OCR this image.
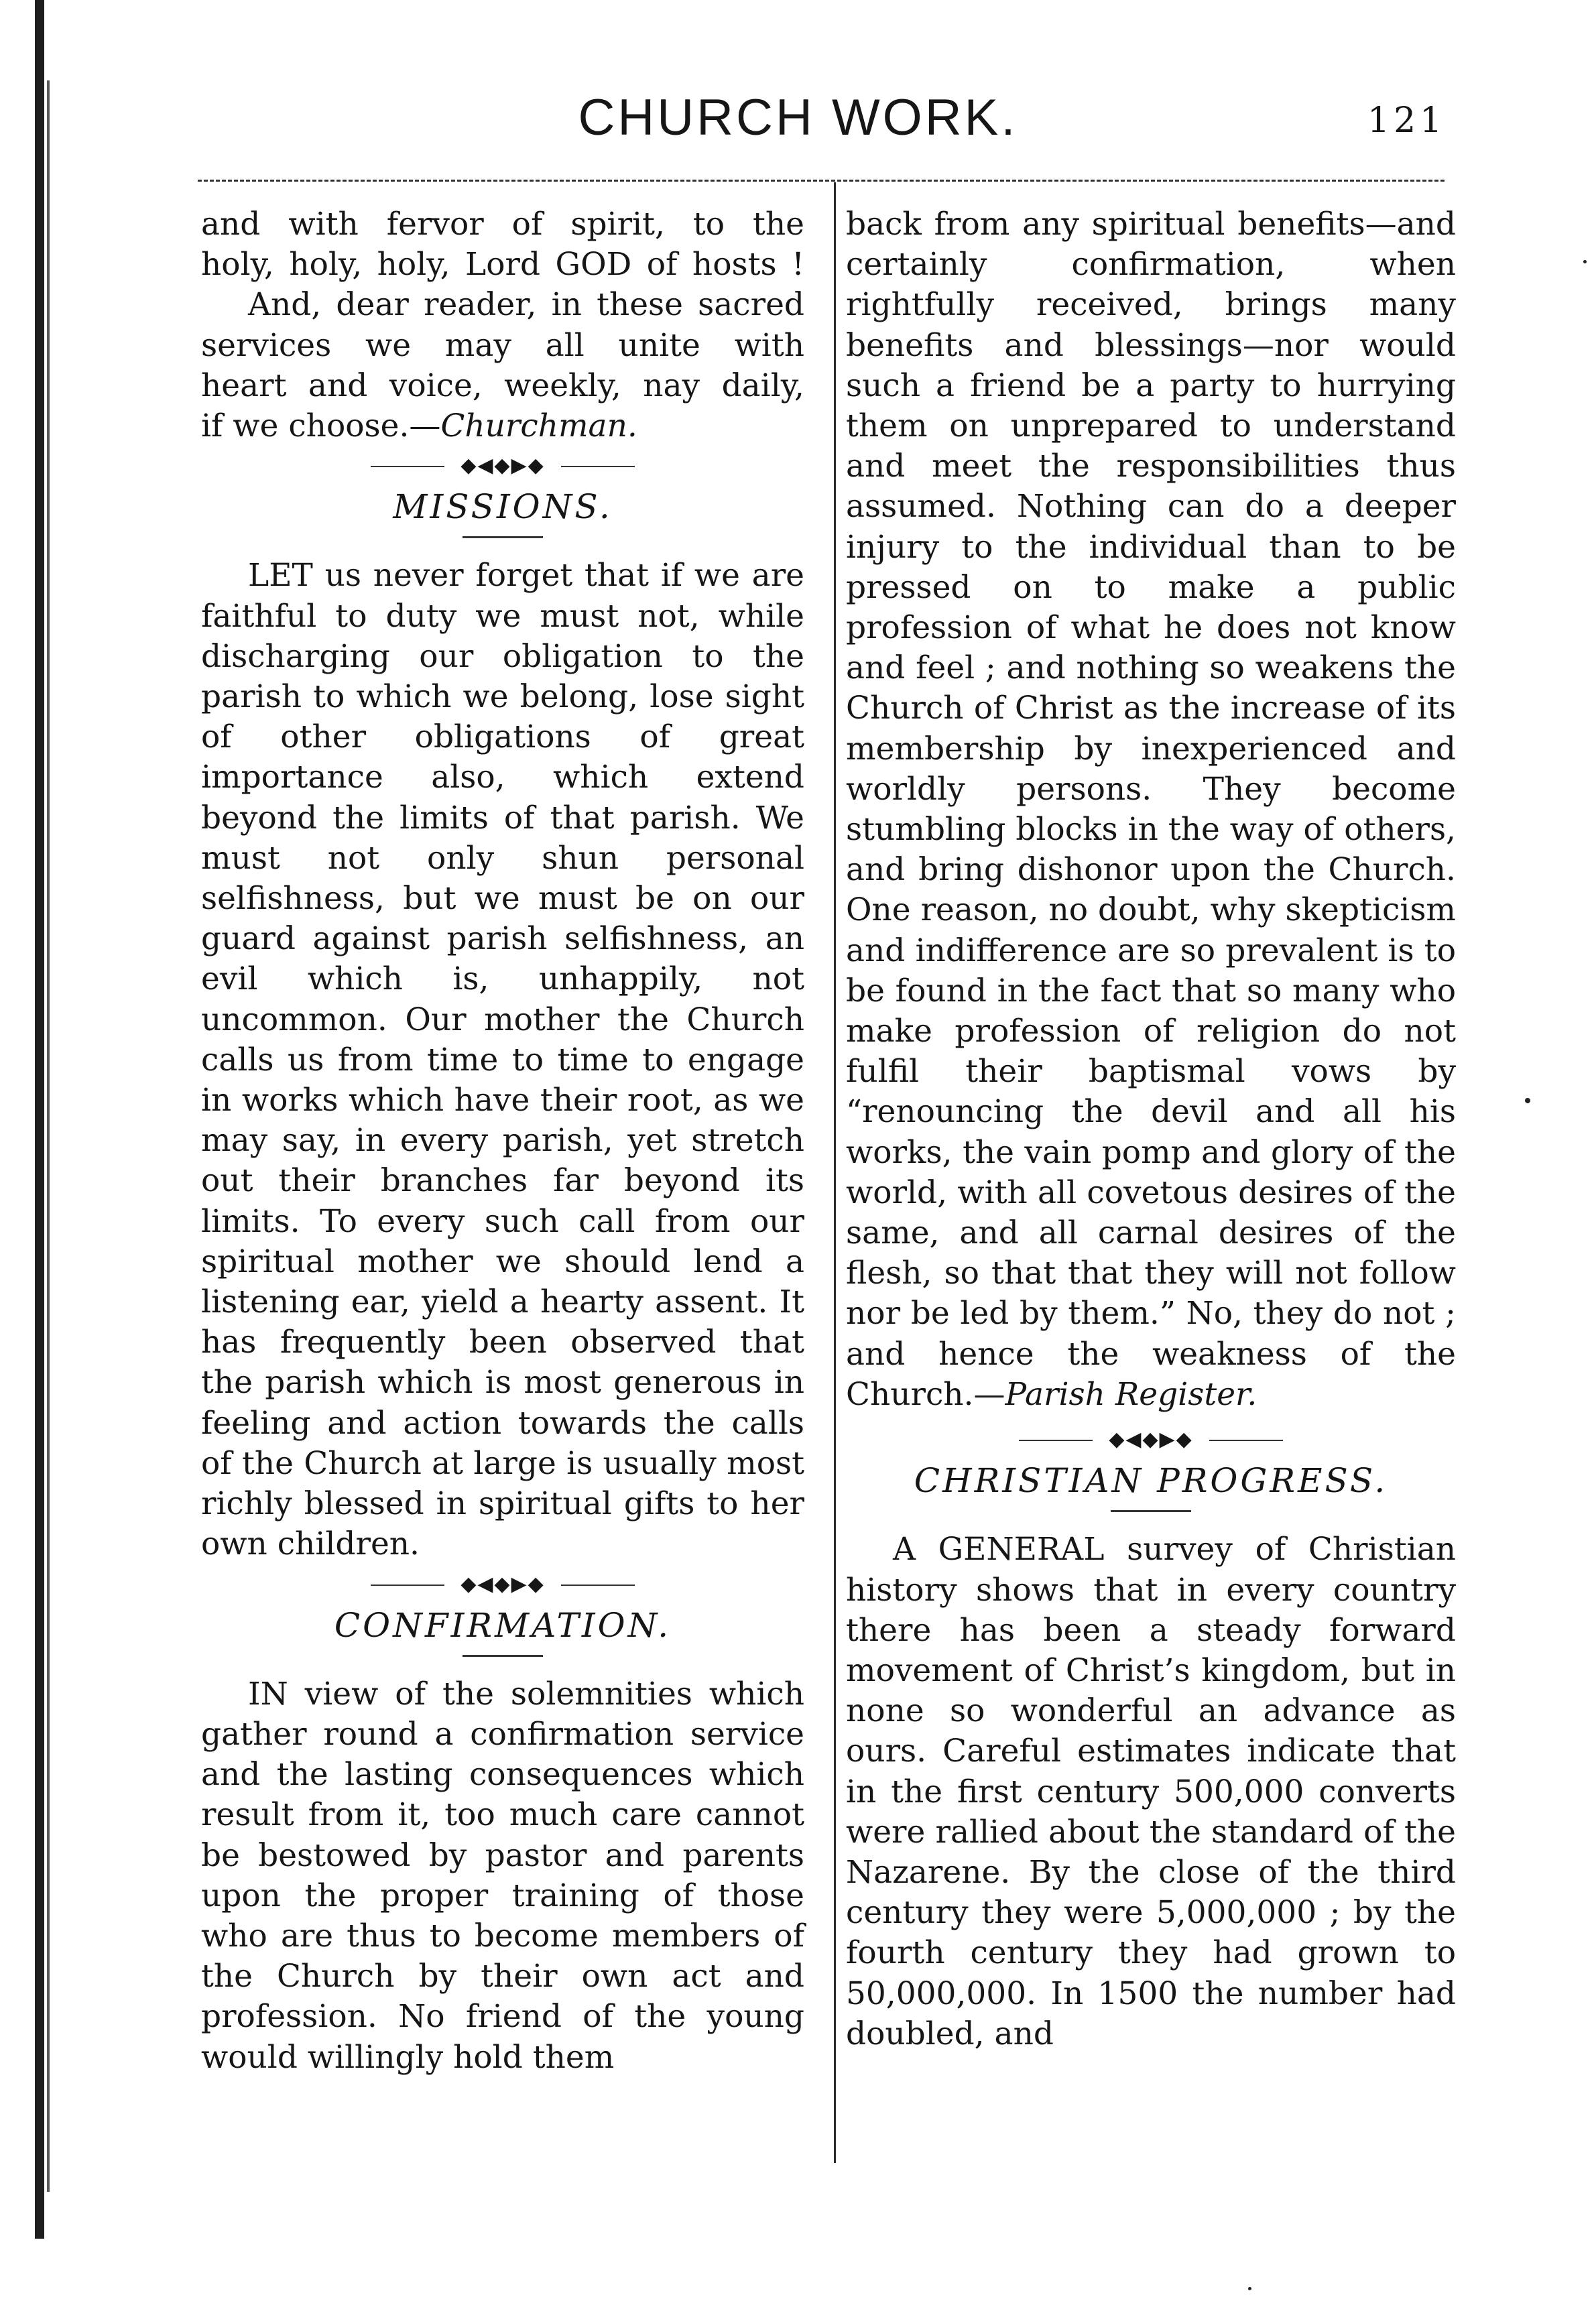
CHURCH WORK.	121
and with fervor of spirit, to the
holy, holy, holy, Lord GOD of hosts !
And, dear reader, in these sacred
services we may all unite with
heart and voice, weekly, nay daily,
if we choose.—Churchman.
◆◀◆▶◆
MISSIONS.

LET us never forget that if we are faithful to duty we must not, while discharging our obligation to the parish to which we belong, lose sight of other obligations of great importance also, which extend beyond the limits of that parish. We must not only shun personal selfishness, but we must be on our guard against parish selfishness, an evil which is, unhappily, not uncommon. Our mother the Church calls us from time to time to engage in works which have their root, as we may say, in every parish, yet stretch out their branches far beyond its limits. To every such call from our spiritual mother we should lend a listening ear, yield a hearty assent. It has frequently been observed that the parish which is most generous in feeling and action towards the calls of the Church at large is usually most richly blessed in spiritual gifts to her own children.

◆◀◆▶◆
CONFIRMATION.

IN view of the solemnities which gather round a confirmation service and the lasting consequences which result from it, too much care cannot be bestowed by pastor and parents upon the proper training of those who are thus to become members of the Church by their own act and profession. No friend of the young would willingly hold them

back from any spiritual benefits—and certainly confirmation, when rightfully received, brings many benefits and blessings—nor would such a friend be a party to hurrying them on unprepared to understand and meet the responsibilities thus assumed. Nothing can do a deeper injury to the individual than to be pressed on to make a public profession of what he does not know and feel ; and nothing so weakens the Church of Christ as the increase of its membership by inexperienced and worldly persons. They become stumbling blocks in the way of others, and bring dishonor upon the Church. One reason, no doubt, why skepticism and indifference are so prevalent is to be found in the fact that so many who make profession of religion do not fulfil their baptismal vows by “renouncing the devil and all his works, the vain pomp and glory of the world, with all covetous desires of the same, and all carnal desires of the flesh, so that that they will not follow nor be led by them.” No, they do not ; and hence the weakness of the Church.—Parish Register.

◆◀◆▶◆
CHRISTIAN PROGRESS.

A GENERAL survey of Christian history shows that in every country there has been a steady forward movement of Christ’s kingdom, but in none so wonderful an advance as ours. Careful estimates indicate that in the first century 500,000 converts were rallied about the standard of the Nazarene. By the close of the third century they were 5,000,000 ; by the fourth century they had grown to 50,000,000. In 1500 the number had doubled, and
